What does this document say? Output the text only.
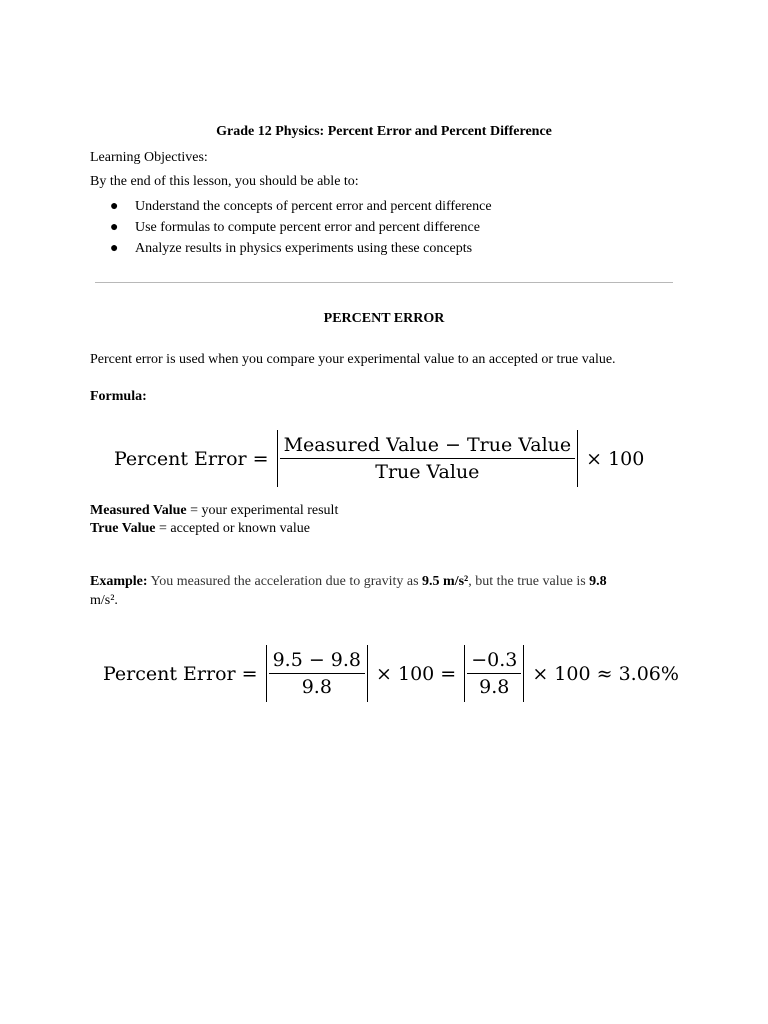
Grade 12 Physics: Percent Error and Percent Difference

Learning Objectives:

By the end of this lesson, you should be able to:

● Understand the concepts of percent error and percent difference
● Use formulas to compute percent error and percent difference
● Analyze results in physics experiments using these concepts
PERCENT ERROR

Percent error is used when you compare your experimental value to an accepted or true value.

Formula:

Percent Error = $\frac{\text{Measured Value − True Value}}{\text{True Value}} \times 100$

Measured Value = your experimental result

True Value = accepted or known value

Example: You measured the acceleration due to gravity as 9.5 m/s², but the true value is 9.8

m/s².

Percent Error = $\frac{9.5 - 9.8}{9.8} \times 100 = \frac{-0.3}{9.8} \times 100 \approx 3.06\%$
